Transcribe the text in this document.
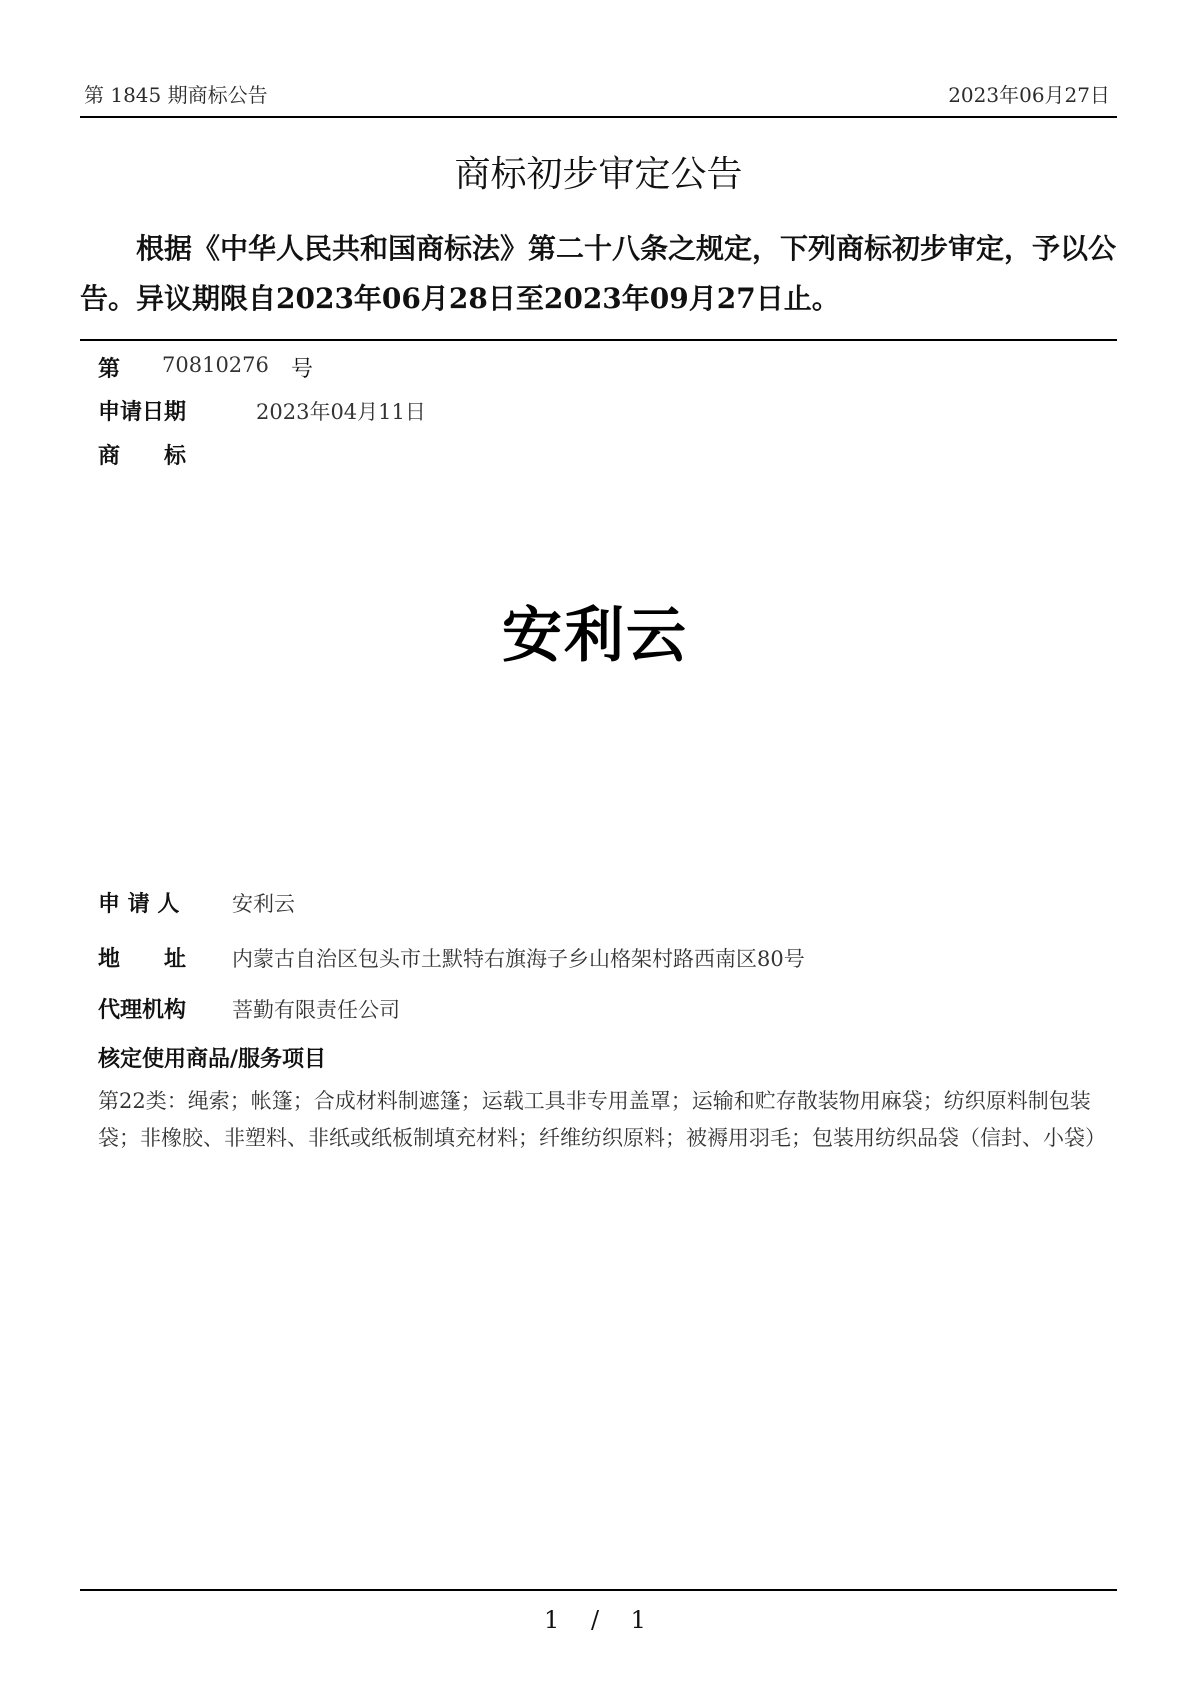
第 1845 期商标公告	2023年06月27日
商标初步审定公告

根据《中华人民共和国商标法》第二十八条之规定，下列商标初步审定，予以公告。异议期限自2023年06月28日至2023年09月27日止。

第 70810276 号
申请日期	2023年04月11日
商　　标
安利云
申 请 人	安利云
地　　址 内蒙古自治区包头市土默特右旗海子乡山格架村路西南区80号
代理机构 菩勤有限责任公司
核定使用商品/服务项目

第22类：绳索；帐篷；合成材料制遮篷；运载工具非专用盖罩；运输和贮存散装物用麻袋；纺织原料制包装袋；非橡胶、非塑料、非纸或纸板制填充材料；纤维纺织原料；被褥用羽毛；包装用纺织品袋（信封、小袋）

1　 /　 1
